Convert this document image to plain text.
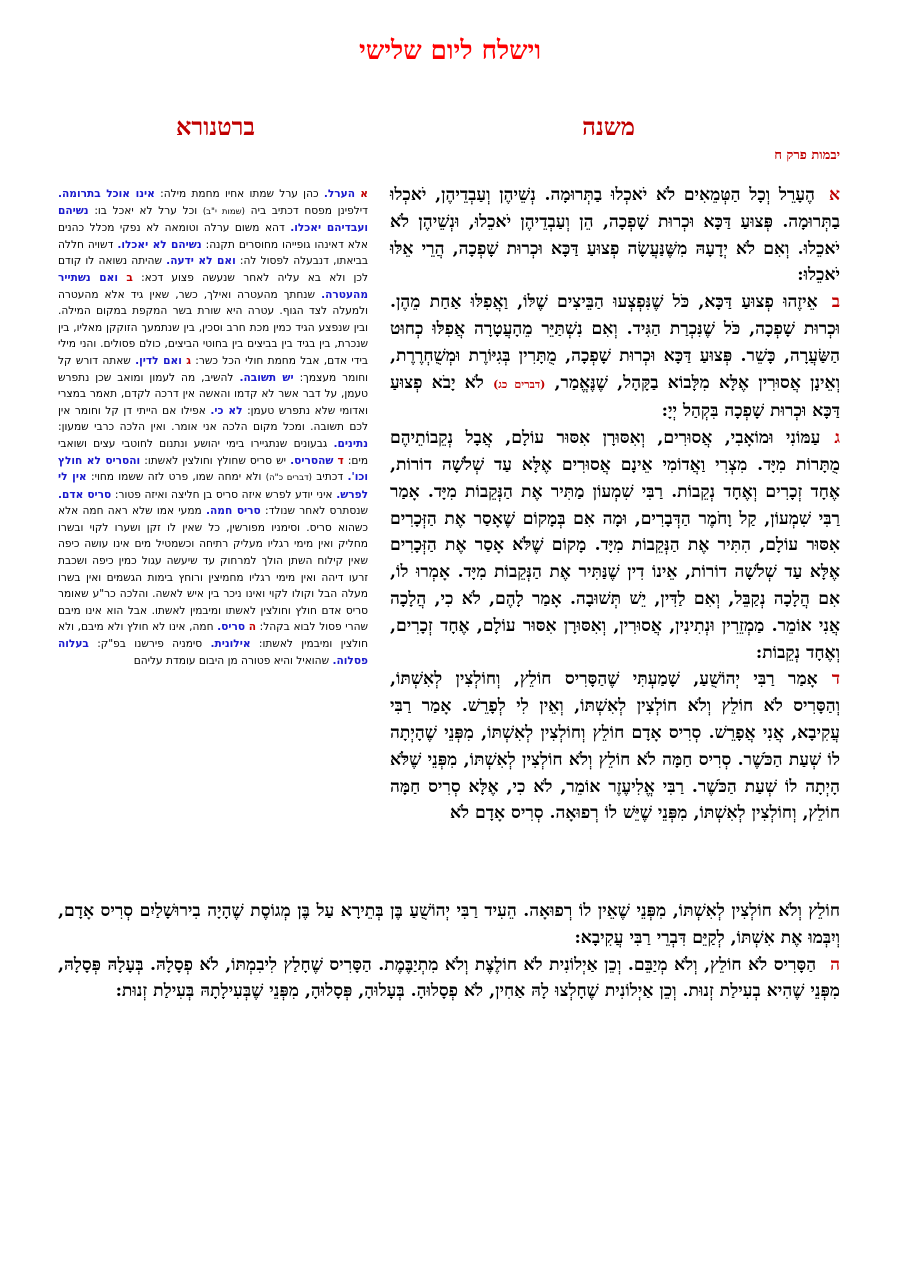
וישלח ליום שלישי
משנה
ברטנורא
יבמות פרק ח

אהֶעָרֵל וְכָל הַטְּמֵאִים לֹא יֹאכְלוּ בַתְּרוּמָה. נְשֵׁיהֶן וְעַבְדֵיהֶן, יֹאכְלוּ בַתְּרוּמָה. פְּצוּעַ דַּכָּא וּכְרוּת שָׁפְכָה, הֵן וְעַבְדֵיהֶן יֹאכֵלוּ, וּנְשֵׁיהֶן לֹא יֹאכֵלוּ. וְאִם לֹא יְדָעָהּ מִשֶּׁנַּעֲשָׂה פְצוּעַ דַּכָּא וּכְרוּת שָׁפְכָה, הֲרֵי אֵלּוּ יֹאכֵלוּ:

באֵיזֶהוּ פְצוּעַ דַּכָּא, כֹּל שֶׁנִּפְצְעוּ הַבֵּיצִים שֶׁלּוֹ, וַאֲפִלּוּ אַחַת מֵהֶן. וּכְרוּת שָׁפְכָה, כֹּל שֶׁנִּכְרַת הַגִּיד. וְאִם נִשְׁתַּיֵּר מֵהָעֲטָרָה אֲפִלּוּ כְחוּט הַשַּׂעֲרָה, כָּשֵׁר. פְּצוּעַ דַּכָּא וּכְרוּת שָׁפְכָה, מֻתָּרִין בְּגִיּוֹרֶת וּמְשֻׁחְרֶרֶת, וְאֵינָן אֲסוּרִין אֶלָּא מִלָּבוֹא בַקָּהָל, שֶׁנֶּאֱמַר, (דברים כג) לֹא יָבֹא פְצוּעַ דַּכָּא וּכְרוּת שָׁפְכָה בִּקְהַל יְיָ:

געַמּוֹנִי וּמוֹאָבִי, אֲסוּרִים, וְאִסּוּרָן אִסּוּר עוֹלָם, אֲבָל נְקֵבוֹתֵיהֶם מֻתָּרוֹת מִיָּד. מִצְרִי וַאֲדוֹמִי אֵינָם אֲסוּרִים אֶלָּא עַד שְׁלֹשָׁה דוֹרוֹת, אֶחָד זְכָרִים וְאֶחָד נְקֵבוֹת. רַבִּי שִׁמְעוֹן מַתִּיר אֶת הַנְּקֵבוֹת מִיָּד. אָמַר רַבִּי שִׁמְעוֹן, קַל וָחֹמֶר הַדְּבָרִים, וּמָה אִם בְּמָקוֹם שֶׁאָסַר אֶת הַזְּכָרִים אִסּוּר עוֹלָם, הִתִּיר אֶת הַנְּקֵבוֹת מִיָּד. מָקוֹם שֶׁלֹּא אָסַר אֶת הַזְּכָרִים אֶלָּא עַד שְׁלֹשָׁה דוֹרוֹת, אֵינוֹ דִין שֶׁנַּתִּיר אֶת הַנְּקֵבוֹת מִיָּד. אָמְרוּ לוֹ, אִם הֲלָכָה נְקַבֵּל, וְאִם לַדִּין, יֵשׁ תְּשׁוּבָה. אָמַר לָהֶם, לֹא כִי, הֲלָכָה אֲנִי אוֹמֵר. מַמְזֵרִין וּנְתִינִין, אֲסוּרִין, וְאִסּוּרָן אִסּוּר עוֹלָם, אֶחָד זְכָרִים, וְאֶחָד נְקֵבוֹת:

דאָמַר רַבִּי יְהוֹשֻׁעַ, שָׁמַעְתִּי שֶׁהַסָּרִיס חוֹלֵץ, וְחוֹלְצִין לְאִשְׁתּוֹ, וְהַסָּרִיס לֹא חוֹלֵץ וְלֹא חוֹלְצִין לְאִשְׁתּוֹ, וְאֵין לִי לְפָרֵשׁ. אָמַר רַבִּי עֲקִיבָא, אֲנִי אֲפָרֵשׁ. סְרִיס אָדָם חוֹלֵץ וְחוֹלְצִין לְאִשְׁתּוֹ, מִפְּנֵי שֶׁהָיְתָה לוֹ שְׁעַת הַכֹּשֶׁר. סְרִיס חַמָּה לֹא חוֹלֵץ וְלֹא חוֹלְצִין לְאִשְׁתּוֹ, מִפְּנֵי שֶׁלֹּא הָיְתָה לוֹ שְׁעַת הַכֹּשֶׁר. רַבִּי אֱלִיעֶזֶר אוֹמֵר, לֹא כִי, אֶלָּא סְרִיס חַמָּה חוֹלֵץ, וְחוֹלְצִין לְאִשְׁתּוֹ, מִפְּנֵי שֶׁיֵּשׁ לוֹ רְפוּאָה. סְרִיס אָדָם לֹא

א הערל. כהן ערל שמתו אחיו מחמת מילה: אינו אוכל בתרומה. דילפינן מפסח דכתיב ביה (שמות י"ב) וכל ערל לא יאכל בו: נשיהם ועבדיהם יאכלו. דהא משום ערלה וטומאה לא נפקי מכלל כהנים אלא דאינהו גופייהו מחוסרים תקנה: נשיהם לא יאכלו. דשויה חללה בביאתו, דנבעלה לפסול לה: ואם לא ידעה. שהיתה נשואה לו קודם לכן ולא בא עליה לאחר שנעשה פצוע דכא: ב ואם נשתייר מהעטרה. שנחתך מהעטרה ואילך, כשר, שאין גיד אלא מהעטרה ולמעלה לצד הגוף. עטרה היא שורת בשר המקפת במקום המילה. ובין שנפצע הגיד כמין מכת חרב וסכין, בין שנתמעך הזוקקן מאליו, בין שנכרת, בין בגיד בין בביצים בין בחוטי הביצים, כולם פסולים. והני מילי בידי אדם, אבל מחמת חולי הכל כשר: ג ואם לדין. שאתה דורש קל וחומר מעצמך: יש תשובה. להשיב, מה לעמון ומואב שכן נתפרש טעמן, על דבר אשר לא קדמו והאשה אין דרכה לקדם, תאמר במצרי ואדומי שלא נתפרש טעמן: לא כי. אפילו אם הייתי דן קל וחומר אין לכם תשובה. ומכל מקום הלכה אני אומר. ואין הלכה כרבי שמעון: נתינים. גבעונים שנתגיירו בימי יהושע ונתנום לחוטבי עצים ושואבי מים: ד שהסריס. יש סריס שחולץ וחולצין לאשתו: והסריס לא חולץ וכו'. דכתיב (דברים כ"ה) ולא ימחה שמו, פרט לזה ששמו מחוי: אין לי לפרש. איני יודע לפרש איזה סריס בן חליצה ואיזה פטור: סריס אדם. שנסתרס לאחר שנולד: סריס חמה. ממעי אמו שלא ראה חמה אלא כשהוא סריס. וסימניו מפורשין, כל שאין לו זקן ושערו לקוי ובשרו מחליק ואין מימי רגליו מעליק רתיחה וכשמטיל מים אינו עושה כיפה שאין קילוח השתן הולך למרחוק עד שיעשה עגול כמין כיפה ושכבת זרעו דיהה ואין מימי רגליו מחמיצין ורוחץ בימות הגשמים ואין בשרו מעלה הבל וקולו לקוי ואינו ניכר בין איש לאשה. והלכה כר"ע שאומר סריס אדם חולץ וחולצין לאשתו ומיבמין לאשתו. אבל הוא אינו מיבם שהרי פסול לבוא בקהל: ה סריס. חמה, אינו לא חולץ ולא מיבם, ולא חולצין ומיבמין לאשתו: אילונית. סימניה פירשנו בפ"ק: בעלוה פסלוה. שהואיל והיא פטורה מן היבום עומדת עליהם

חוֹלֵץ וְלֹא חוֹלְצִין לְאִשְׁתּוֹ, מִפְּנֵי שֶׁאֵין לוֹ רְפוּאָה. הֵעִיד רַבִּי יְהוֹשֻׁעַ בֶּן בְּתֵירָא עַל בֶּן מְגוֹסֶת שֶׁהָיָה בִירוּשָׁלַיִם סְרִיס אָדָם, וְיִבְּמוּ אֶת אִשְׁתּוֹ, לְקַיֵּם דִּבְרֵי רַבִּי עֲקִיבָא:

ההַסָּרִיס לֹא חוֹלֵץ, וְלֹא מְיַבֵּם. וְכֵן אַיְלוֹנִית לֹא חוֹלֶצֶת וְלֹא מִתְיַבֶּמֶת. הַסָּרִיס שֶׁחָלַץ לִיבִמְתּוֹ, לֹא פְסָלָהּ. בְּעָלָהּ פְּסָלָהּ, מִפְּנֵי שֶׁהִיא בְעִילַת זְנוּת. וְכֵן אַיְלוֹנִית שֶׁחָלְצוּ לָהּ אַחִין, לֹא פְסָלוּהָ. בְּעָלוּהָ, פְּסָלוּהָ, מִפְּנֵי שֶׁבְּעִילָתָהּ בְּעִילַת זְנוּת:
